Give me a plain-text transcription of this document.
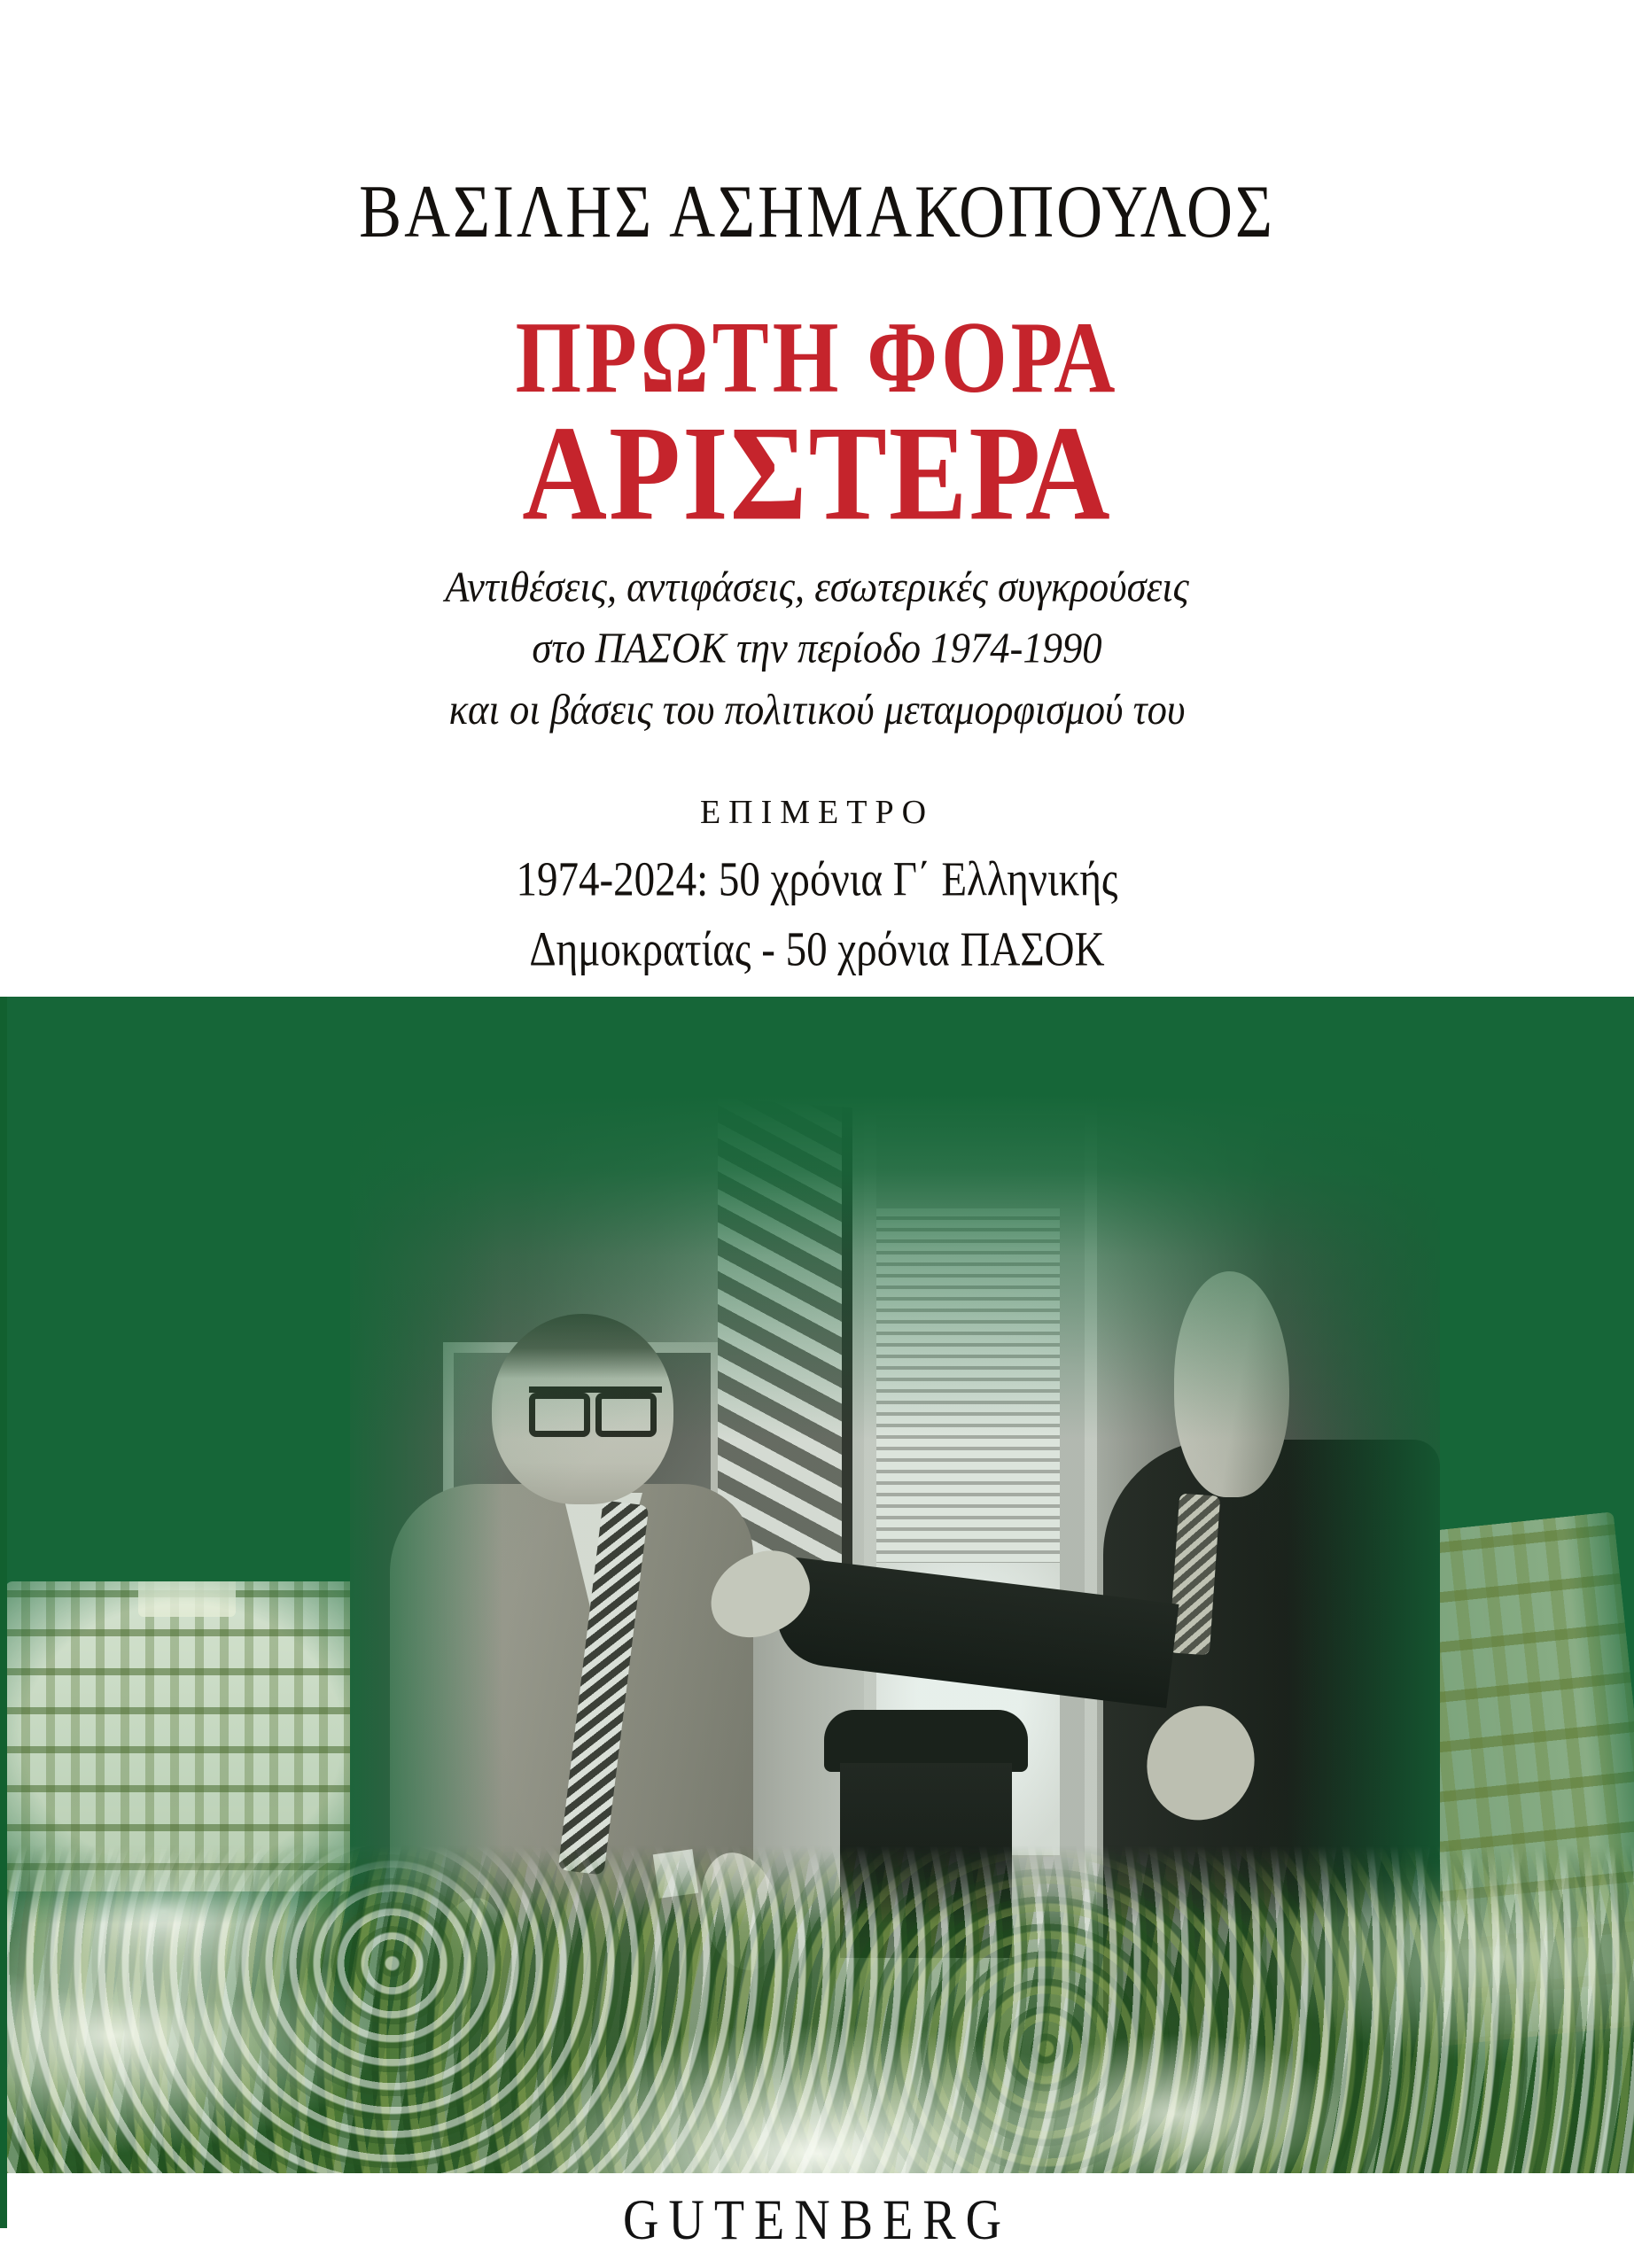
ΒΑΣΙΛΗΣ ΑΣΗΜΑΚΟΠΟΥΛΟΣ
ΠΡΩΤΗ ΦΟΡΑ
ΑΡΙΣΤΕΡΑ
Αντιθέσεις, αντιφάσεις, εσωτερικές συγκρούσεις
στο ΠΑΣΟΚ την περίοδο 1974-1990
και οι βάσεις του πολιτικού μεταμορφισμού του
ΕΠΙΜΕΤΡΟ
1974-2024: 50 χρόνια Γ΄ Ελληνικής
Δημοκρατίας - 50 χρόνια ΠΑΣΟΚ
GUTENBERG
